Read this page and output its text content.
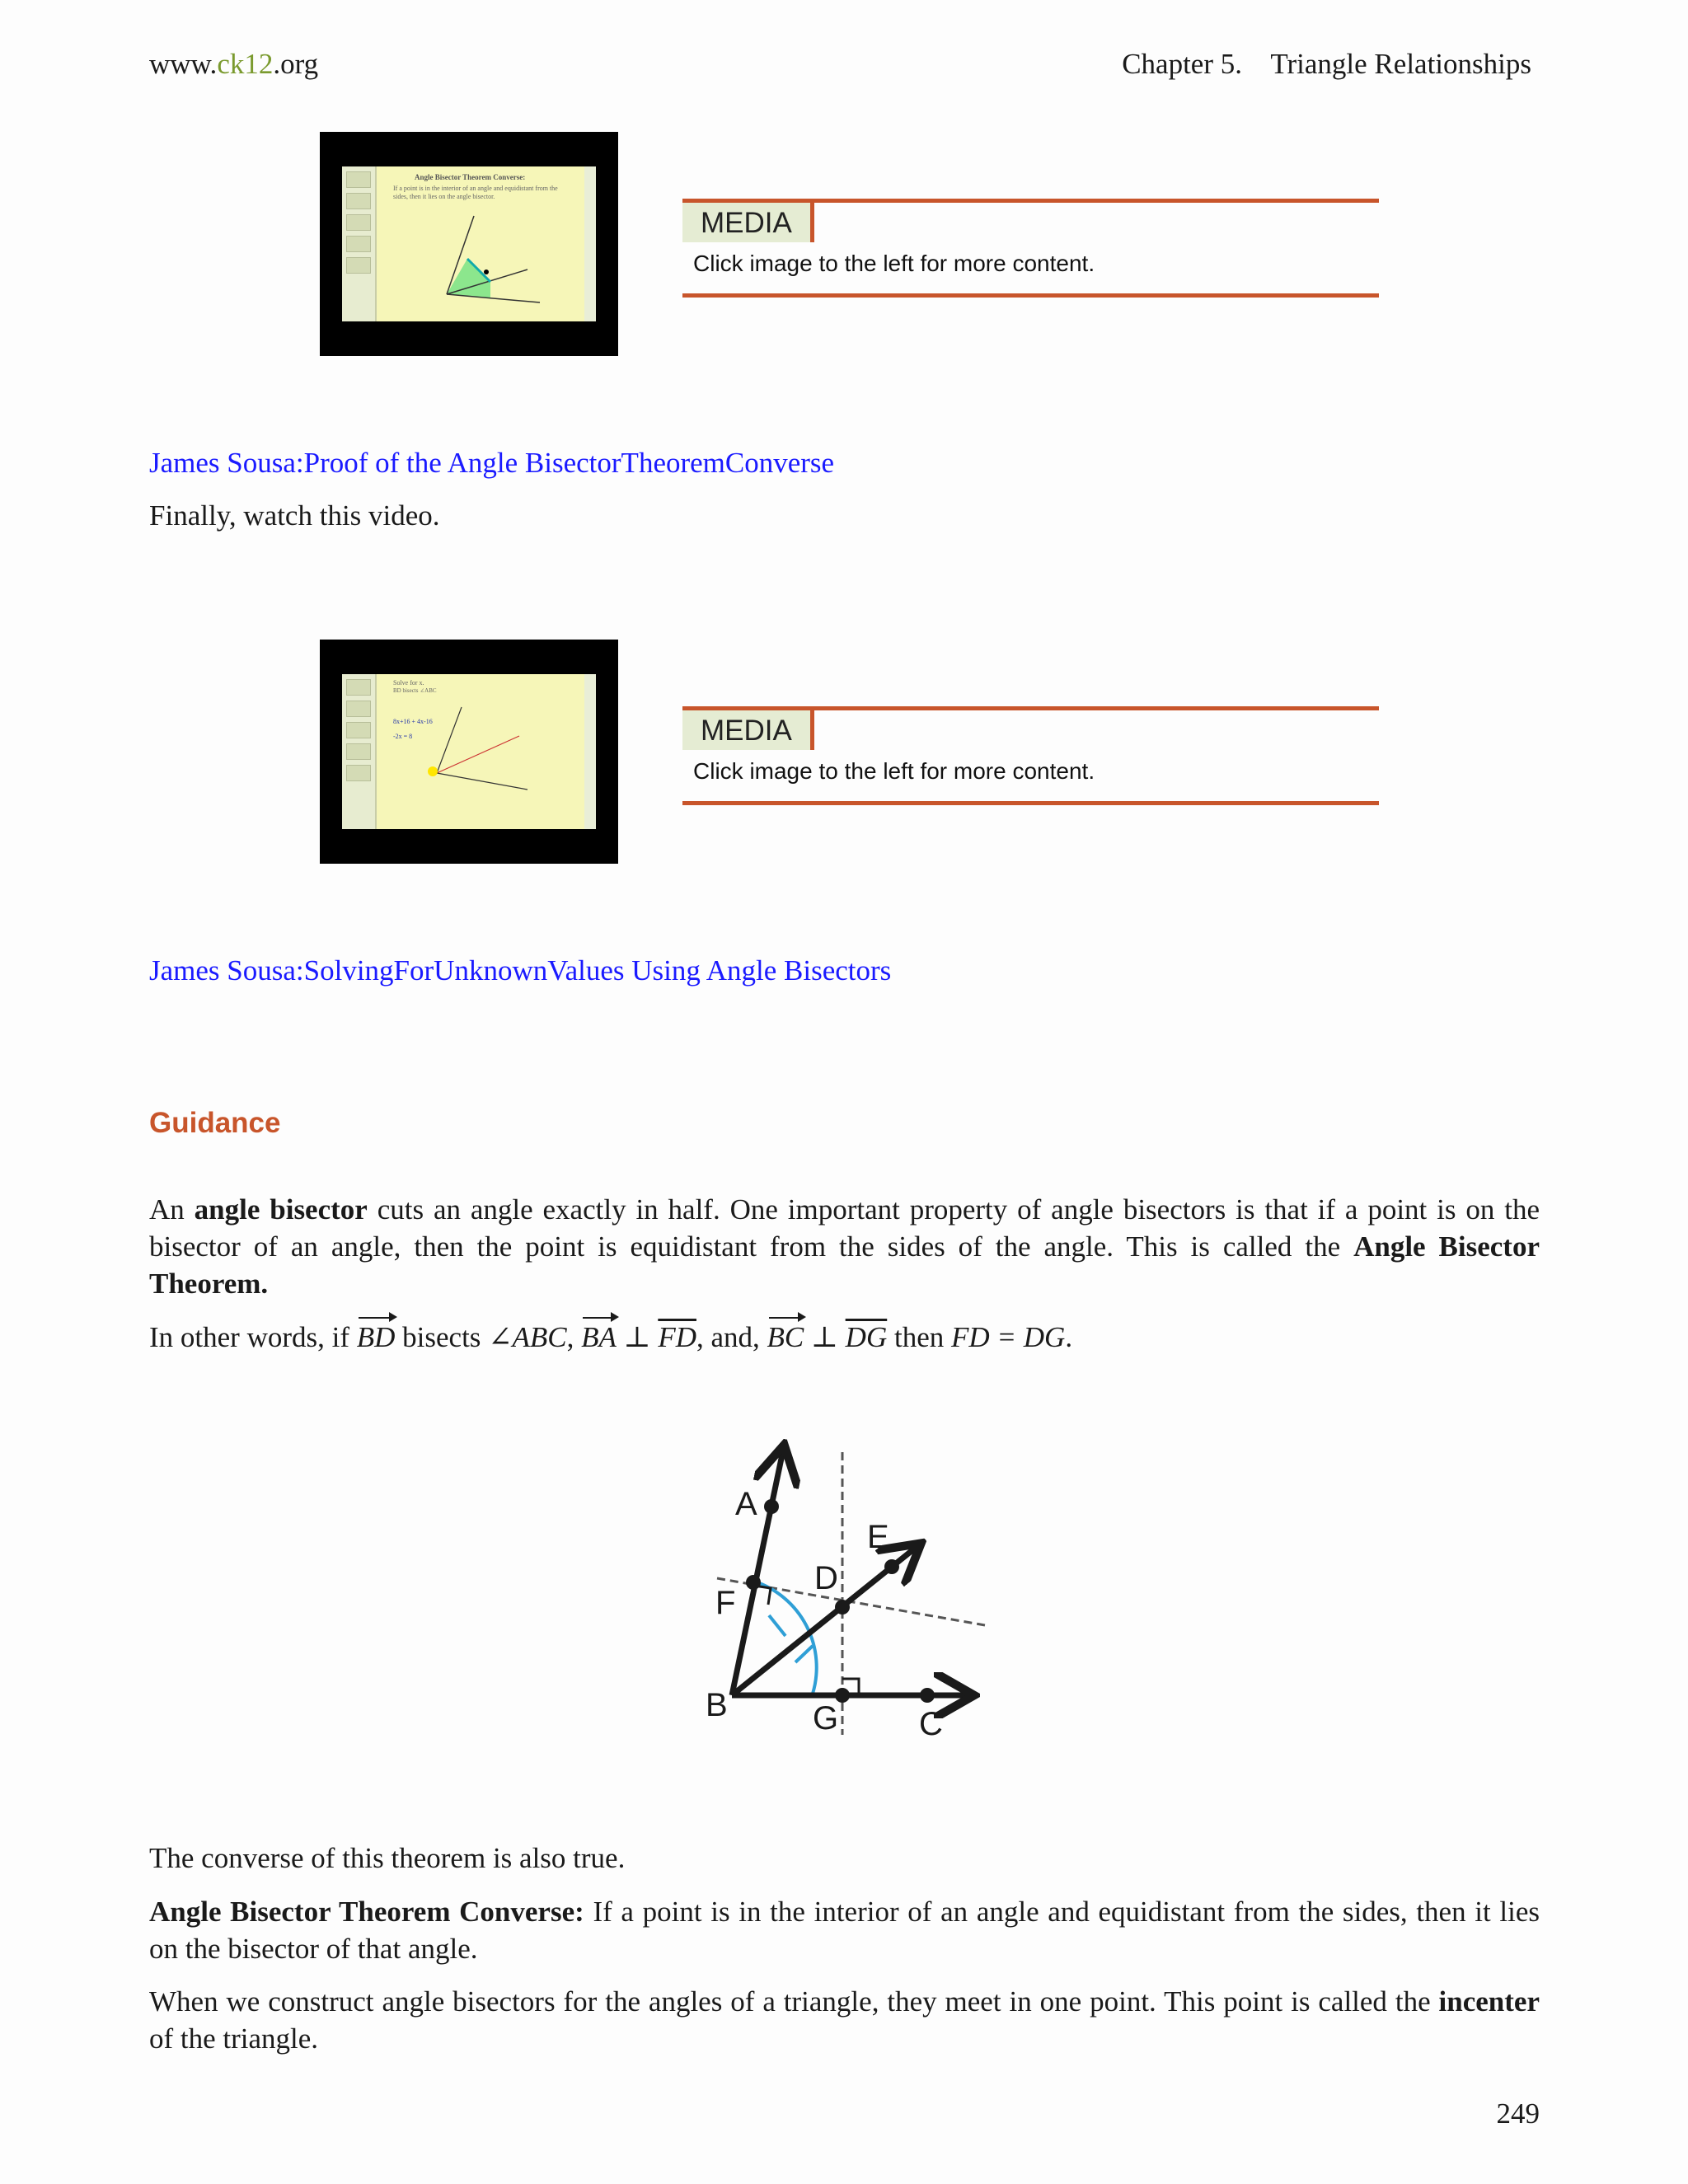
www.ck12.org	Chapter 5.    Triangle Relationships
Angle Bisector Theorem Converse:
If a point is in the interior of an angle and equidistant from the sides, then it lies on the angle bisector.
MEDIA
Click image to the left for more content.
James Sousa:Proof of the Angle BisectorTheoremConverse
Finally, watch this video.
Solve for x.
BD bisects ∠ABC
8x+16 + 4x-16
-2x = 8	MEDIA
Click image to the left for more content.
James Sousa:SolvingForUnknownValues Using Angle Bisectors
Guidance
An angle bisector cuts an angle exactly in half. One important property of angle bisectors is that if a point is on the bisector of an angle, then the point is equidistant from the sides of the angle. This is called the Angle Bisector Theorem.
In other words, if BD bisects ∠ABC, BA ⊥ $\overline{FD}$, and, BC ⊥ $\overline{DG}$ then FD = DG.
A
E
D
F
B	G C
The converse of this theorem is also true.
Angle Bisector Theorem Converse: If a point is in the interior of an angle and equidistant from the sides, then it lies on the bisector of that angle.
When we construct angle bisectors for the angles of a triangle, they meet in one point. This point is called the incenter of the triangle.
249
